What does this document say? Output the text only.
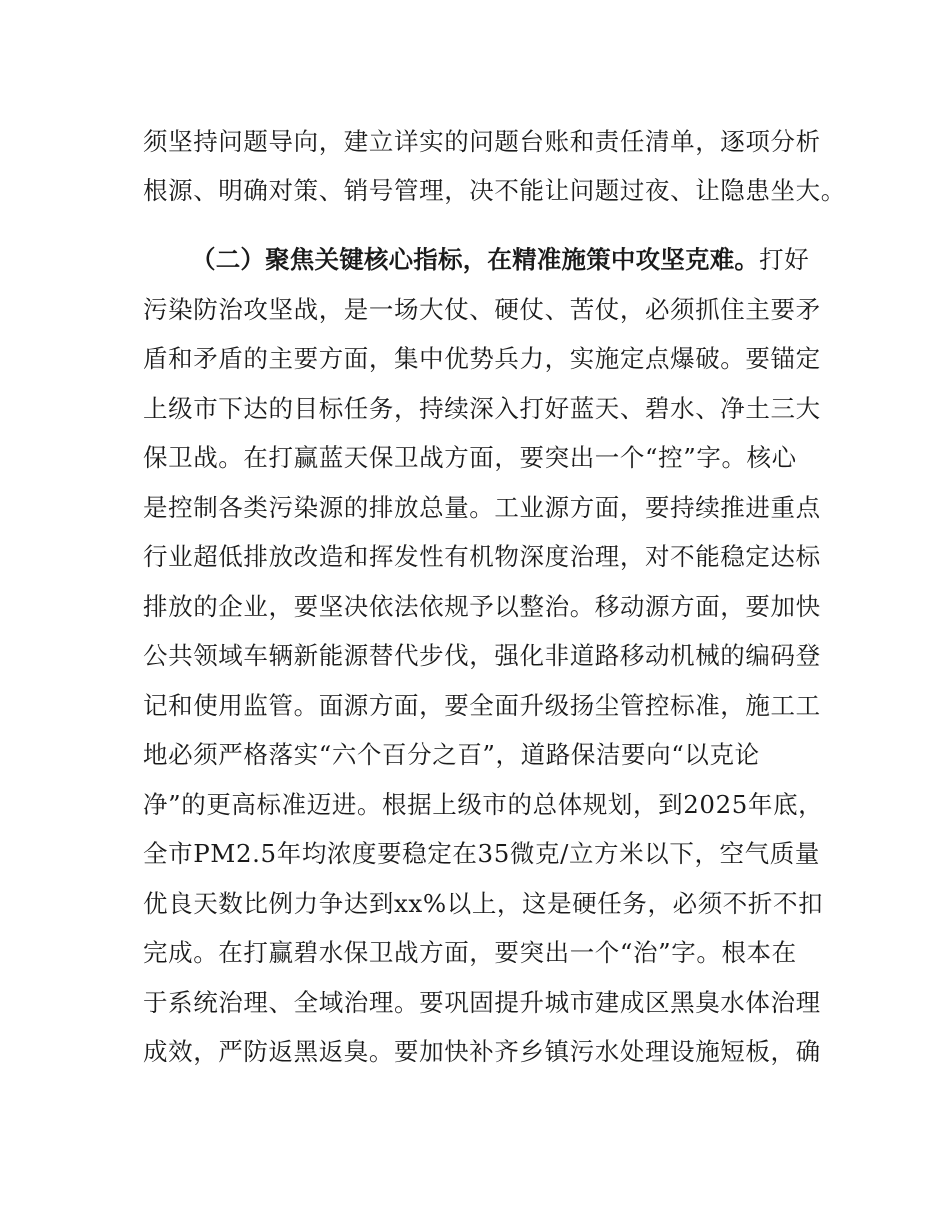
须坚持问题导向，建立详实的问题台账和责任清单，逐项分析
根源、明确对策、销号管理，决不能让问题过夜、让隐患坐大。
（二）聚焦关键核心指标，在精准施策中攻坚克难。打好
污染防治攻坚战，是一场大仗、硬仗、苦仗，必须抓住主要矛
盾和矛盾的主要方面，集中优势兵力，实施定点爆破。要锚定
上级市下达的目标任务，持续深入打好蓝天、碧水、净土三大
保卫战。在打赢蓝天保卫战方面，要突出一个“控”字。核心
是控制各类污染源的排放总量。工业源方面，要持续推进重点
行业超低排放改造和挥发性有机物深度治理，对不能稳定达标
排放的企业，要坚决依法依规予以整治。移动源方面，要加快
公共领域车辆新能源替代步伐，强化非道路移动机械的编码登
记和使用监管。面源方面，要全面升级扬尘管控标准，施工工
地必须严格落实“六个百分之百”，道路保洁要向“以克论
净”的更高标准迈进。根据上级市的总体规划，到2025年底，
全市PM2.5年均浓度要稳定在35微克/立方米以下，空气质量
优良天数比例力争达到xx%以上，这是硬任务，必须不折不扣
完成。在打赢碧水保卫战方面，要突出一个“治”字。根本在
于系统治理、全域治理。要巩固提升城市建成区黑臭水体治理
成效，严防返黑返臭。要加快补齐乡镇污水处理设施短板，确
